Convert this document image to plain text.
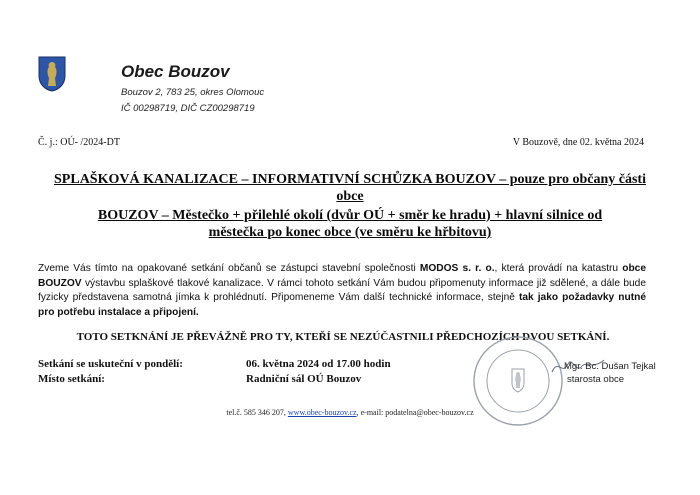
Obec Bouzov
Bouzov 2, 783 25, okres Olomouc
IČ 00298719, DIČ CZ00298719
Č. j.: OÚ- /2024-DT	V Bouzově, dne 02. května 2024
SPLAŠKOVÁ KANALIZACE – INFORMATIVNÍ SCHŮZKA BOUZOV – pouze pro občany části
obce
BOUZOV – Městečko + přilehlé okolí (dvůr OÚ + směr ke hradu) + hlavní silnice od
městečka po konec obce (ve směru ke hřbitovu)
Zveme Vás tímto na opakované setkání občanů se zástupci stavební společnosti MODOS s. r. o., která provádí na katastru obce BOUZOV výstavbu splaškové tlakové kanalizace. V rámci tohoto setkání Vám budou připomenuty informace již sdělené, a dále bude fyzicky představena samotná jímka k prohlédnutí. Připomeneme Vám další technické informace, stejně tak jako požadavky nutné pro potřebu instalace a připojení.
TOTO SETKNÁNÍ JE PŘEVÁŽNĚ PRO TY, KTEŘÍ SE NEZÚČASTNILI PŘEDCHOZÍCH DVOU SETKÁNÍ.
Setkání se uskuteční v pondělí:	06. května 2024 od 17.00 hodin
Místo setkání:	Radniční sál OÚ Bouzov
Mgr. Bc. Dušan Tejkal
starosta obce
tel.č. 585 346 207, www.obec-bouzov.cz, e-mail: podatelna@obec-bouzov.cz
